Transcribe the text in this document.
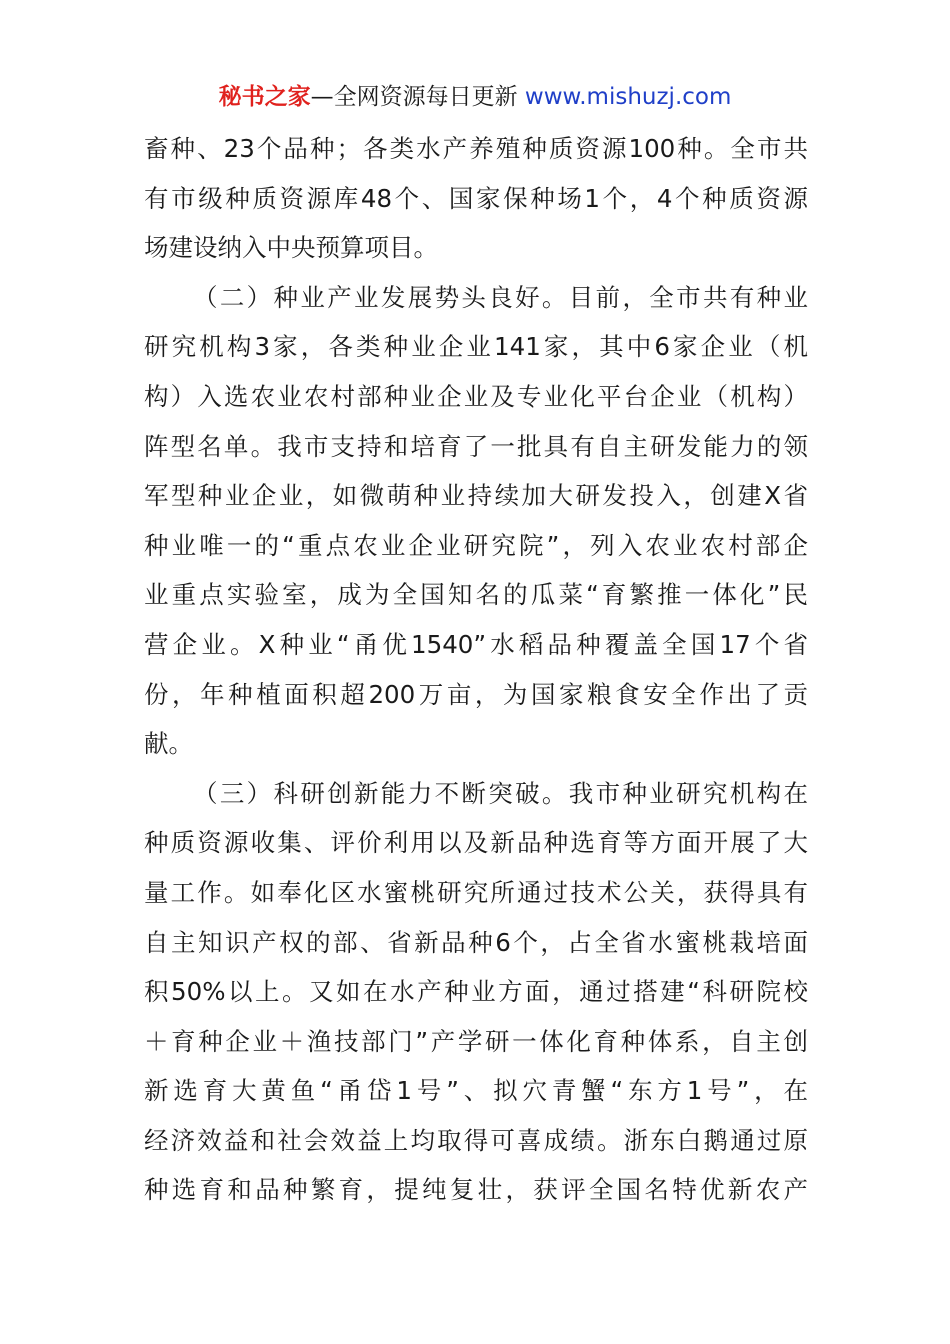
秘书之家—全网资源每日更新 www.mishuzj.com
畜种、23个品种；各类水产养殖种质资源100种。全市共
有市级种质资源库48个、国家保种场1个，4个种质资源
场建设纳入中央预算项目。
（二）种业产业发展势头良好。目前，全市共有种业
研究机构3家，各类种业企业141家，其中6家企业（机
构）入选农业农村部种业企业及专业化平台企业（机构）
阵型名单。我市支持和培育了一批具有自主研发能力的领
军型种业企业，如微萌种业持续加大研发投入，创建X省
种业唯一的“重点农业企业研究院”，列入农业农村部企
业重点实验室，成为全国知名的瓜菜“育繁推一体化”民
营企业。X种业“甬优1540”水稻品种覆盖全国17个省
份，年种植面积超200万亩，为国家粮食安全作出了贡
献。
（三）科研创新能力不断突破。我市种业研究机构在
种质资源收集、评价利用以及新品种选育等方面开展了大
量工作。如奉化区水蜜桃研究所通过技术公关，获得具有
自主知识产权的部、省新品种6个，占全省水蜜桃栽培面
积50%以上。又如在水产种业方面，通过搭建“科研院校
＋育种企业＋渔技部门”产学研一体化育种体系，自主创
新选育大黄鱼“甬岱1号”、拟穴青蟹“东方1号”，在
经济效益和社会效益上均取得可喜成绩。浙东白鹅通过原
种选育和品种繁育，提纯复壮，获评全国名特优新农产
